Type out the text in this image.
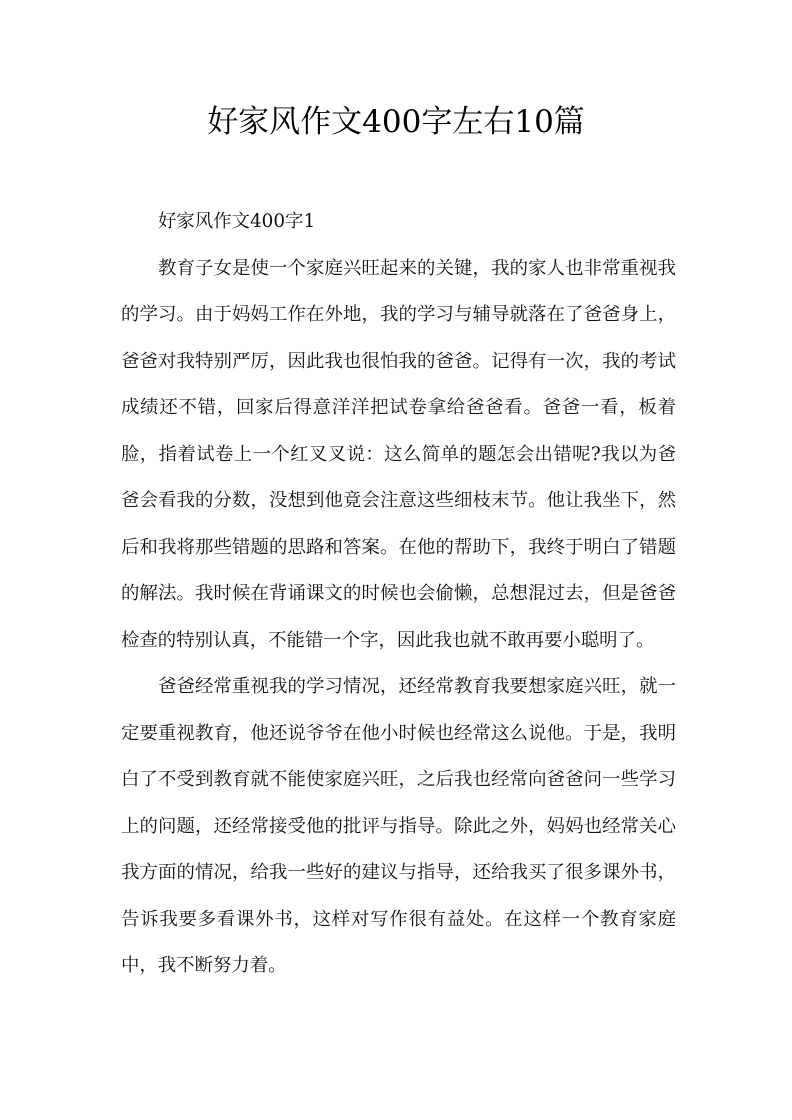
好家风作文400字左右10篇

好家风作文400字1

教育子女是使一个家庭兴旺起来的关键，我的家人也非常重视我的学习。由于妈妈工作在外地，我的学习与辅导就落在了爸爸身上，爸爸对我特别严厉，因此我也很怕我的爸爸。记得有一次，我的考试成绩还不错，回家后得意洋洋把试卷拿给爸爸看。爸爸一看，板着脸，指着试卷上一个红叉叉说：这么简单的题怎会出错呢?我以为爸爸会看我的分数，没想到他竟会注意这些细枝末节。他让我坐下，然后和我将那些错题的思路和答案。在他的帮助下，我终于明白了错题的解法。我时候在背诵课文的时候也会偷懒，总想混过去，但是爸爸检查的特别认真，不能错一个字，因此我也就不敢再要小聪明了。

爸爸经常重视我的学习情况，还经常教育我要想家庭兴旺，就一定要重视教育，他还说爷爷在他小时候也经常这么说他。于是，我明白了不受到教育就不能使家庭兴旺，之后我也经常向爸爸问一些学习上的问题，还经常接受他的批评与指导。除此之外，妈妈也经常关心我方面的情况，给我一些好的建议与指导，还给我买了很多课外书，告诉我要多看课外书，这样对写作很有益处。在这样一个教育家庭中，我不断努力着。
